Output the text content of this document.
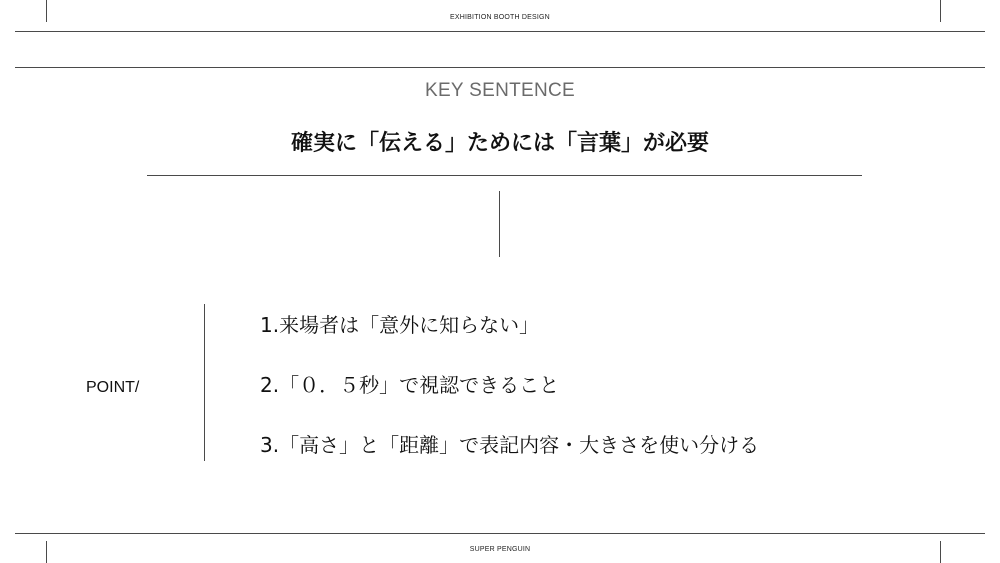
EXHIBITION BOOTH DESIGN
KEY SENTENCE
確実に「伝える」ためには「言葉」が必要
POINT/
1.来場者は「意外に知らない」
2.「０．５秒」で視認できること
3.「高さ」と「距離」で表記内容・大きさを使い分ける
SUPER PENGUIN
